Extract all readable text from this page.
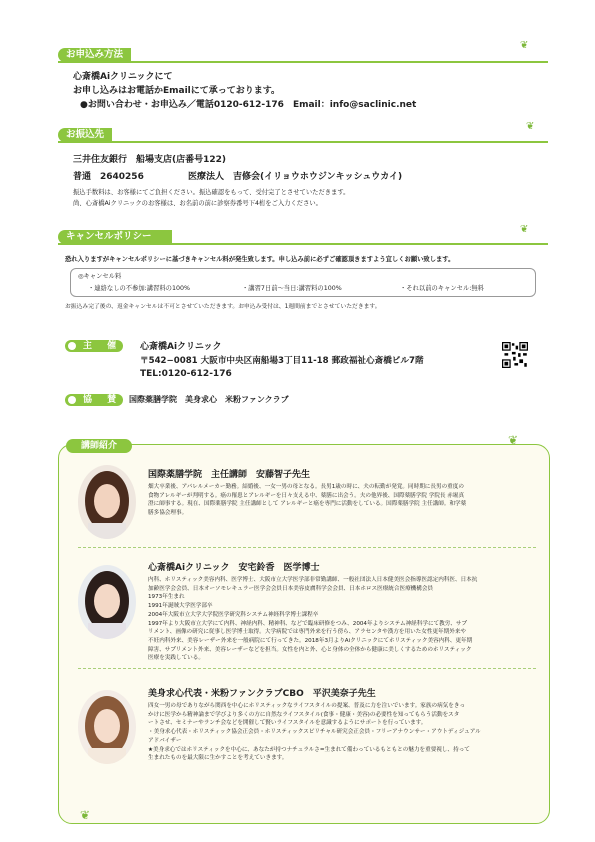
お申込み方法
❦
心斎橋Aiクリニックにて
お申し込みはお電話かEmailにて承っております。
●お問い合わせ・お申込み／電話0120-612-176　Email：info@saclinic.net
お振込先
❦
三井住友銀行　船場支店(店番号122)
普通　2640256	医療法人　吉修会(イリョウホウジンキッシュウカイ)
振込手数料は、お客様にてご負担ください。振込確認をもって、受付完了とさせていただきます。
尚、心斎橋Aiクリニックのお客様は、お名前の前に診察券番号下4桁をご入力ください。
キャンセルポリシー
❦
恐れ入りますがキャンセルポリシーに基づきキャンセル料が発生致します。申し込み前に必ずご確認頂きますよう宜しくお願い致します。
◎キャンセル料
・連絡なしの不参加:講習料の100%	・講習7日前～当日:講習料の100%	・それ以前のキャンセル:無料
お振込み完了後の、返金キャンセルは不可とさせていただきます。お申込み受付は、1週間前までとさせていただきます。
主 催 心斎橋Aiクリニック
〒542−0081 大阪市中央区南船場3丁目11-18 郵政福祉心斎橋ビル7階
TEL:0120-612-176
協 賛 国際薬膳学院　美身求心　米粉ファンクラブ
講師紹介	❦
❦
国際薬膳学院　主任講師　安藤智子先生
畑大卒業後、アパレルメーカー勤務。結婚後、一女一男の母となる。長男1歳の時に、夫の転勤が発覚。同時期に長男の重度の
食物アレルギーが判明する。癌の罹患とアレルギーを日々支える中、薬膳に出会う。夫の他界後、国際薬膳学院 学院長 赤堀真
澄に師事する。現在、国際薬膳学院 主任講師として アレルギーと癌を専門に活動をしている。国際薬膳学院 主任講師。和学薬
膳多協会理事。
心斎橋Aiクリニック　安宅鈴香　医学博士
内科、ホリスティック美容内科、医学博士、大阪市立大学医学部非常勤講師、一般社団法人日本健美医会指導医認定内科医、日本抗
加齢医学会会員、日本オーソモレキュラー医学会会員日本美容皮膚科学会会員、日本ホロス医療統合医療機構会員
1973年生まれ
1991年誕賊大学医学部卒
2004年大阪市立大学大学院医学研究科システム神経科学博士課程卒
1997年より大阪市立大学にて内科、神経内科、精神科、などで臨床研修をつみ、2004年よりシステム神経科学にて教労、サプ
リメント、画像の研究に従事し医学博士取得。大学病院では専門外来を行う傍ら、アラセンタや漢方を用いた女性更年期外来や
不妊内科外来、美容レーザー外来を一般病院にて行ってきた。2018年3月よりAiクリニックにてホリスティック美容内科、更年期
障害、サプリメント外来、美容レーザーなどを担当。女性を内と外、心と身体の全体から健康に美しくするためのホリスティック
医療を実践している。
美身求心代表・米粉ファンクラブCBO　平沢美奈子先生
四女一男の母でありながら関西を中心にホリスティックなライフスタイルの提案、普及に力を注いでいます。家族の病気をきっ
かけに医学から精神論まで学びより多くの方に自然なライフスタイル(食事・健康・美容)の必要性を知ってもらう活動をスタ
ートさせ、セミナーやランチ会などを開催して賢いライフスタイルを意識するようにサポートを行っています。
・美身求心代表・ホリスティック協会正会員・ホリスティックスピリチャル研究会正会員・フリーアナウンサー・アウトディジュアル
アドバイザー
★美身求心ではホリスティックを中心に、あなたが持つナチュラルさ=生まれて備わっているもともとの魅力を重要視し、持って
生まれたものを最大限に生かすことを考えていきます。
